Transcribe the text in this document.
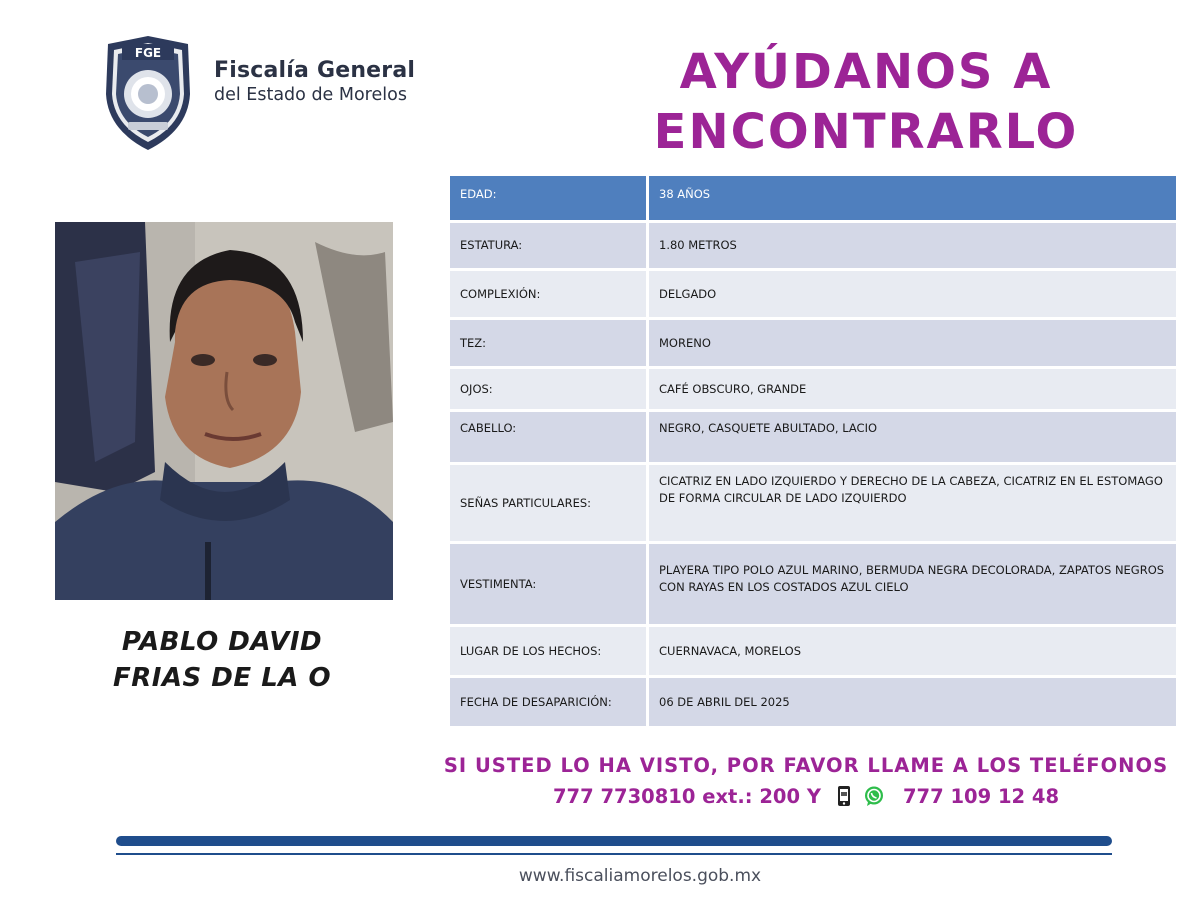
FGE
Fiscalía General
del Estado de Morelos	AYÚDANOS A
ENCONTRARLO
PABLO DAVID
FRIAS DE LA O
EDAD:	38 AÑOS
ESTATURA:	1.80 METROS
COMPLEXIÓN:	DELGADO
TEZ:	MORENO
OJOS:	CAFÉ OBSCURO, GRANDE
CABELLO:	NEGRO, CASQUETE ABULTADO, LACIO
SEÑAS PARTICULARES:
CICATRIZ EN LADO IZQUIERDO Y DERECHO DE LA CABEZA, CICATRIZ EN EL ESTOMAGO DE FORMA CIRCULAR DE LADO IZQUIERDO
VESTIMENTA:
PLAYERA TIPO POLO AZUL MARINO, BERMUDA NEGRA DECOLORADA, ZAPATOS NEGROS CON RAYAS EN LOS COSTADOS AZUL CIELO
LUGAR DE LOS HECHOS:	CUERNAVACA, MORELOS
FECHA DE DESAPARICIÓN:	06 DE ABRIL DEL 2025
SI USTED LO HA VISTO, POR FAVOR LLAME A LOS TELÉFONOS
777 7730810 ext.: 200 Y	777 109 12 48
www.fiscaliamorelos.gob.mx
